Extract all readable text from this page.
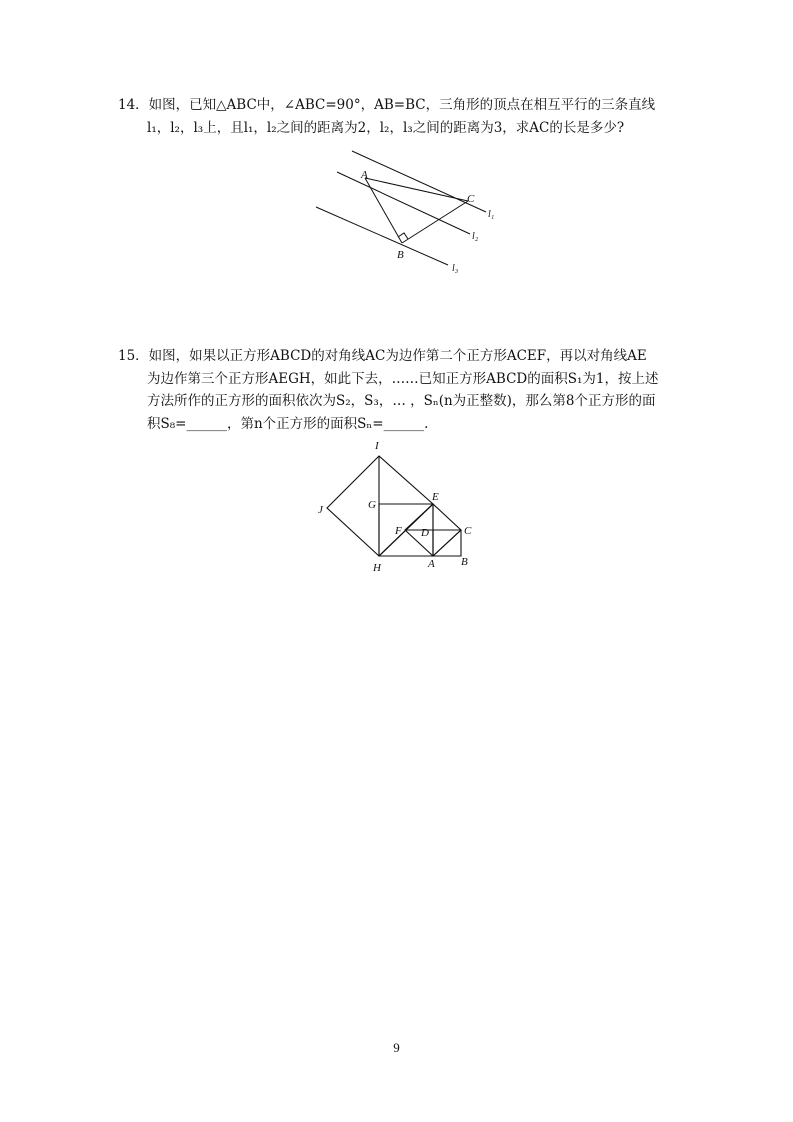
14．如图，已知△ABC中，∠ABC=90°，AB=BC，三角形的顶点在相互平行的三条直线
l₁，l₂，l₃上，且l₁，l₂之间的距离为2，l₂，l₃之间的距离为3，求AC的长是多少?
A
B
C
l₁
l₂
l₃
15．如图，如果以正方形ABCD的对角线AC为边作第二个正方形ACEF，再以对角线AE
为边作第三个正方形AEGH，如此下去，……已知正方形ABCD的面积S₁为1，按上述
方法所作的正方形的面积依次为S₂，S₃，… ，Sₙ(n为正整数)，那么第8个正方形的面
积S₈=______，第n个正方形的面积Sₙ=______.
I
J	G
E
F D	C
H	A B
9
